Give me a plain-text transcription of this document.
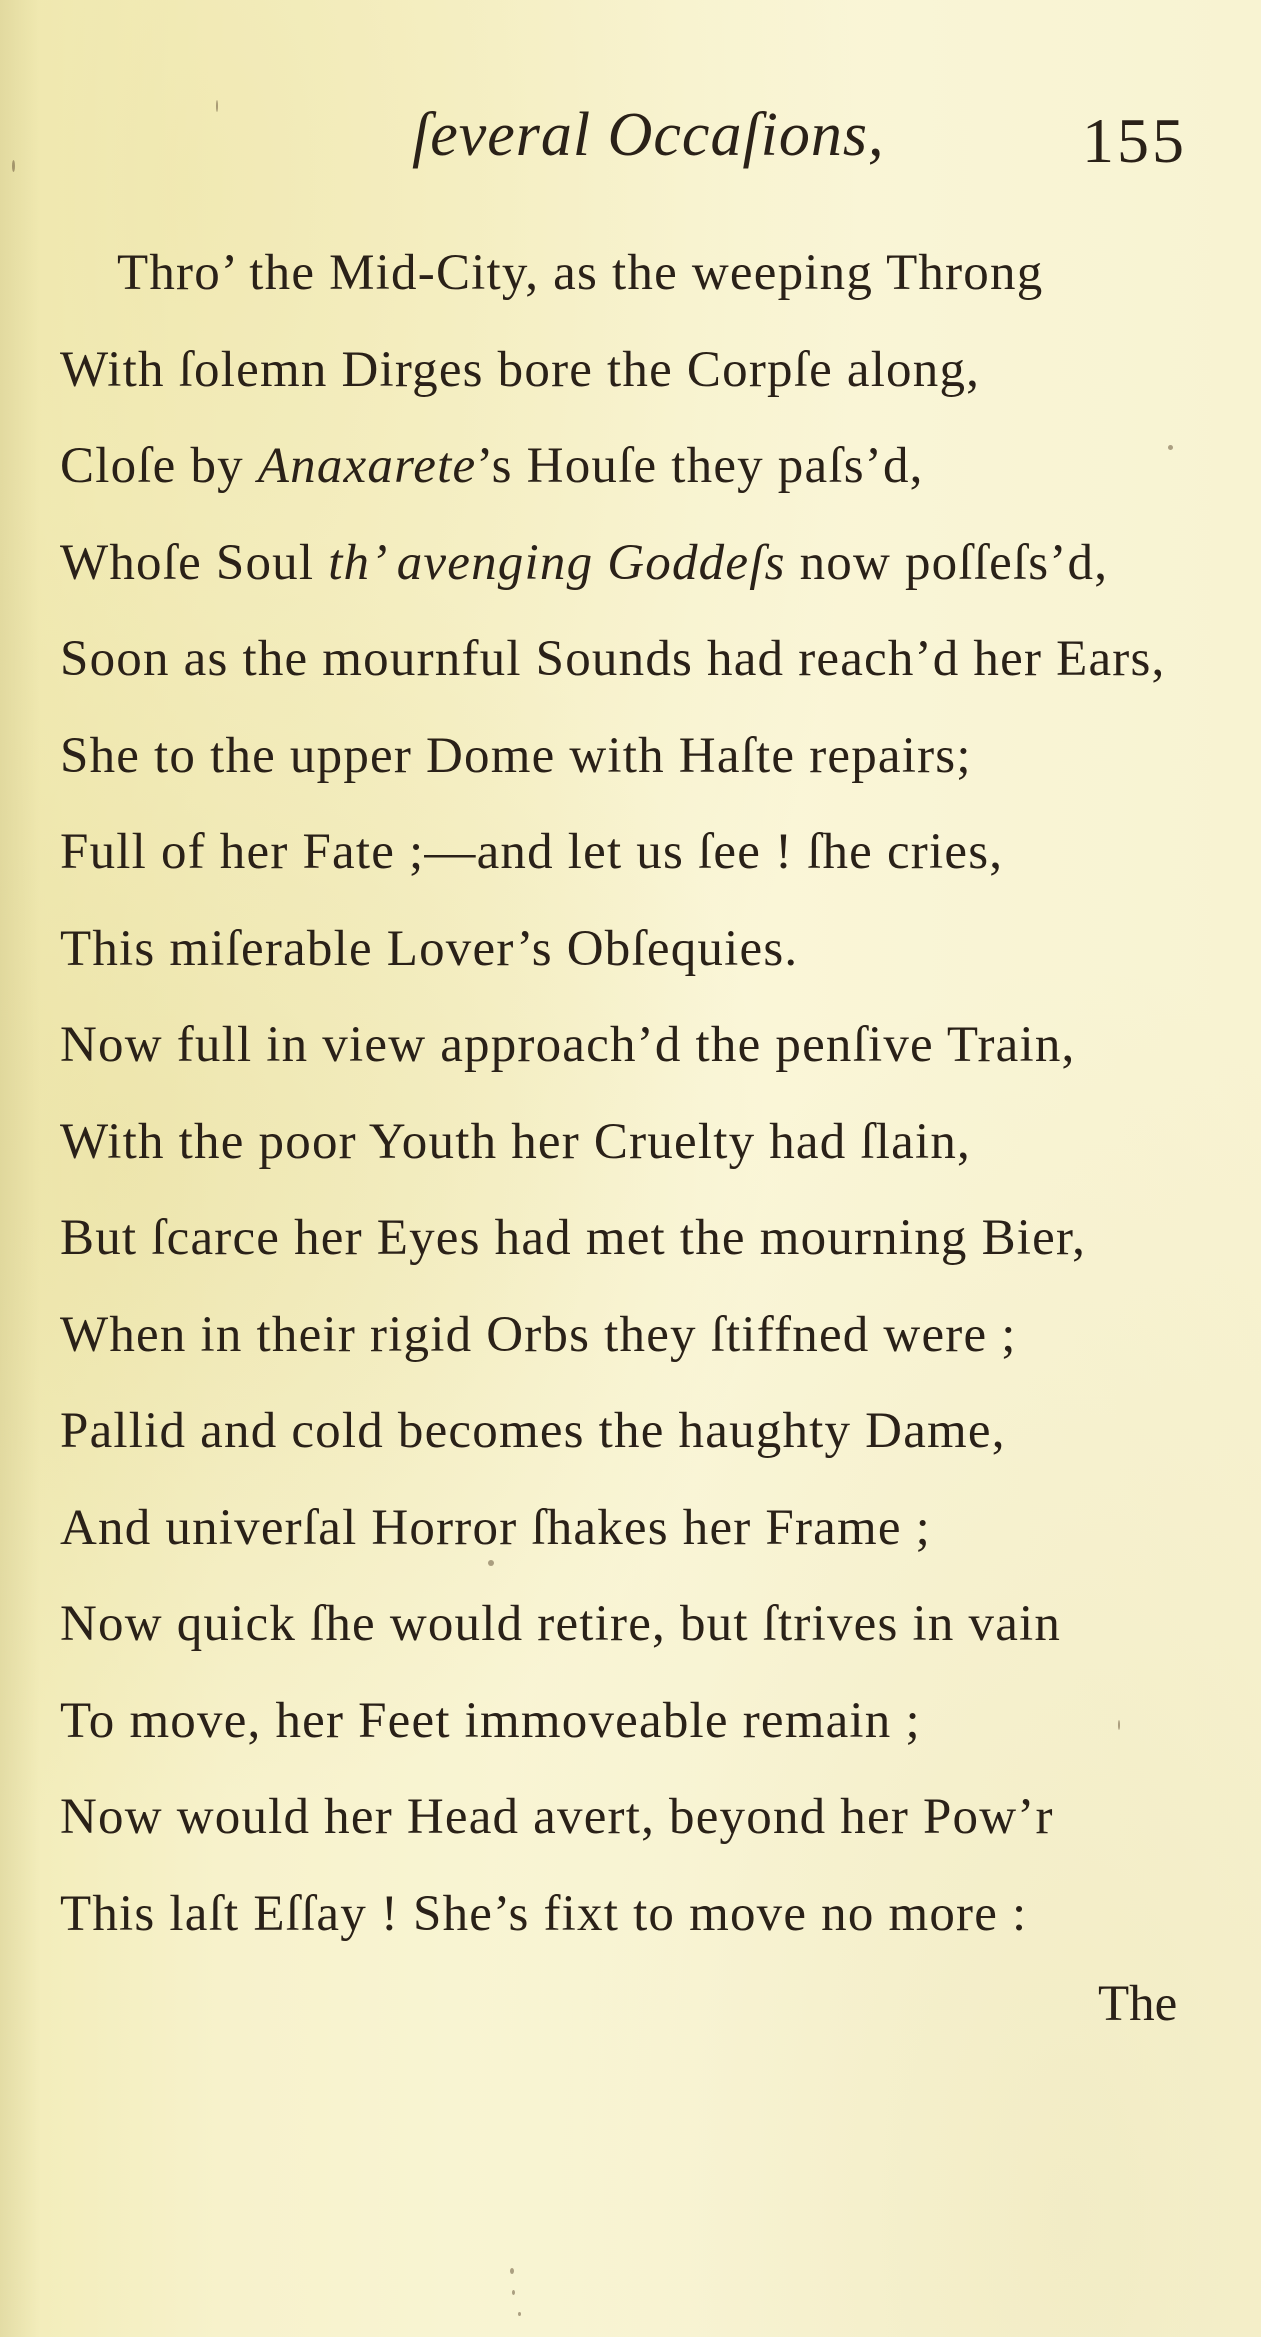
ſeveral Occaſions,	155
Thro’ the Mid-City, as the weeping Throng
With ſolemn Dirges bore the Corpſe along,
Cloſe by Anaxarete’s Houſe they paſs’d,
Whoſe Soul th’ avenging Goddeſs now poſſeſs’d,
Soon as the mournful Sounds had reach’d her Ears,
She to the upper Dome with Haſte repairs;
Full of her Fate ;—and let us ſee ! ſhe cries,
This miſerable Lover’s Obſequies.
Now full in view approach’d the penſive Train,
With the poor Youth her Cruelty had ſlain,
But ſcarce her Eyes had met the mourning Bier,
When in their rigid Orbs they ſtiffned were ;
Pallid and cold becomes the haughty Dame,
And univerſal Horror ſhakes her Frame ;
Now quick ſhe would retire, but ſtrives in vain
To move, her Feet immoveable remain ;
Now would her Head avert, beyond her Pow’r
This laſt Eſſay ! She’s fixt to move no more :
The
